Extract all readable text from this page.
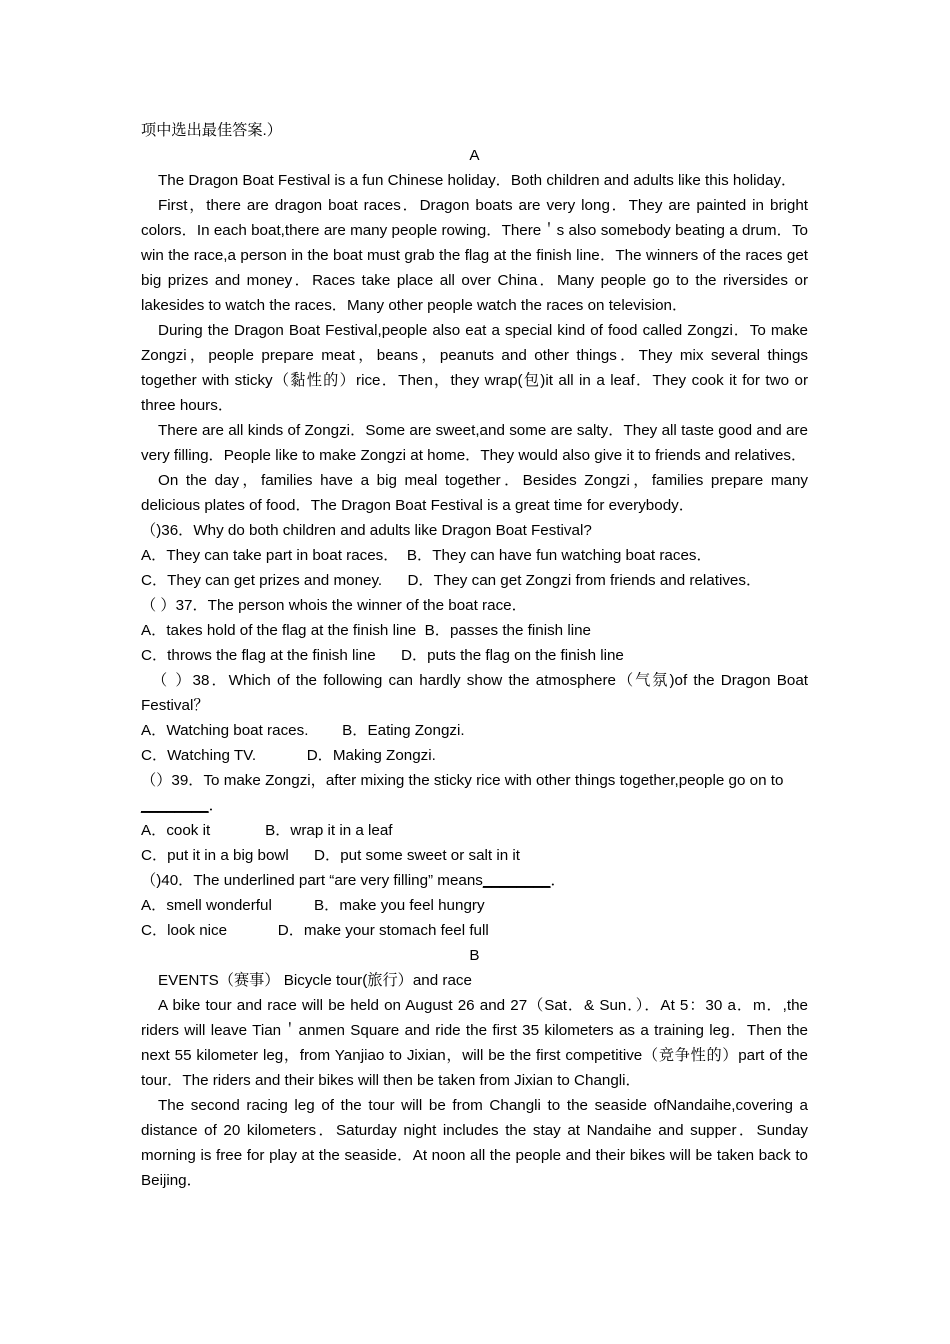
项中选出最佳答案.）
A

The Dragon Boat Festival is a fun Chinese holiday．Both children and adults like this holiday．

First，there are dragon boat races．Dragon boats are very long．They are painted in bright colors．In each boat,there are many people rowing．There＇s also somebody beating a drum．To win the race,a person in the boat must grab the flag at the finish line．The winners of the races get big prizes and money．Races take place all over China．Many people go to the riversides or lakesides to watch the races．Many other people watch the races on television．

During the Dragon Boat Festival,people also eat a special kind of food called Zongzi．To make Zongzi，people prepare meat，beans，peanuts and other things．They mix several things together with sticky（黏性的）rice．Then，they wrap(包)it all in a leaf．They cook it for two or three hours．

There are all kinds of Zongzi．Some are sweet,and some are salty．They all taste good and are very filling．People like to make Zongzi at home．They would also give it to friends and relatives．

On the day，families have a big meal together．Besides Zongzi，families prepare many delicious plates of food．The Dragon Boat Festival is a great time for everybody．

（)36．Why do both children and adults like Dragon Boat Festival?
A．They can take part in boat races．  B．They can have fun watching boat races．
C．They can get prizes and money.      D．They can get Zongzi from friends and relatives．
（ ）37．The person whois the winner of the boat race．
A．takes hold of the flag at the finish line  B．passes the finish line
C．throws the flag at the finish line      D．puts the flag on the finish line
（ ）38．Which of the following can hardly show the atmosphere（气氛)of the Dragon Boat Festival？
A．Watching boat races.        B．Eating Zongzi.
C．Watching TV.            D．Making Zongzi.
（）39．To make Zongzi，after mixing the sticky rice with other things together,people go on to
________．
A．cook it             B．wrap it in a leaf
C．put it in a big bowl      D．put some sweet or salt in it
（)40．The underlined part “are very filling” means________．
A．smell wonderful          B．make you feel hungry
C．look nice            D．make your stomach feel full
B
EVENTS（赛事） Bicycle tour(旅行）and race

A bike tour and race will be held on August 26 and 27（Sat．& Sun．）．At 5：30 a．m．,the riders will leave Tian＇anmen Square and ride the first 35 kilometers as a training leg．Then the next 55 kilometer leg，from Yanjiao to Jixian，will be the first competitive（竞争性的）part of the tour．The riders and their bikes will then be taken from Jixian to Changli．

The second racing leg of the tour will be from Changli to the seaside ofNandaihe,covering a distance of 20 kilometers．Saturday night includes the stay at Nandaihe and supper．Sunday morning is free for play at the seaside．At noon all the people and their bikes will be taken back to Beijing．
